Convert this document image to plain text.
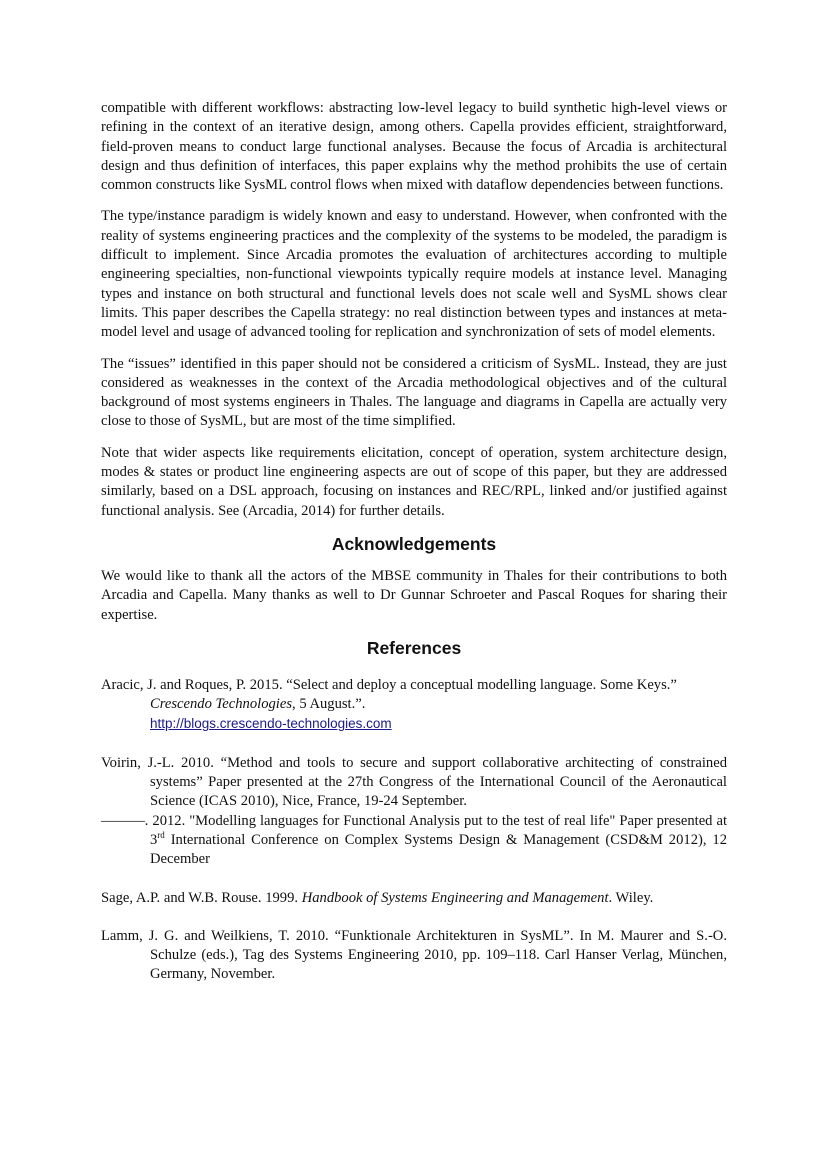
compatible with different workflows: abstracting low-level legacy to build synthetic high-level views or refining in the context of an iterative design, among others. Capella provides efficient, straightforward, field-proven means to conduct large functional analyses. Because the focus of Arcadia is architectural design and thus definition of interfaces, this paper explains why the method prohibits the use of certain common constructs like SysML control flows when mixed with dataflow dependencies between functions.

The type/instance paradigm is widely known and easy to understand. However, when confronted with the reality of systems engineering practices and the complexity of the systems to be modeled, the paradigm is difficult to implement. Since Arcadia promotes the evaluation of architectures according to multiple engineering specialties, non-functional viewpoints typically require models at instance level. Managing types and instance on both structural and functional levels does not scale well and SysML shows clear limits. This paper describes the Capella strategy: no real distinction between types and instances at meta-model level and usage of advanced tooling for replication and synchronization of sets of model elements.

The “issues” identified in this paper should not be considered a criticism of SysML. Instead, they are just considered as weaknesses in the context of the Arcadia methodological objectives and of the cultural background of most systems engineers in Thales. The language and diagrams in Capella are actually very close to those of SysML, but are most of the time simplified.

Note that wider aspects like requirements elicitation, concept of operation, system architecture design, modes & states or product line engineering aspects are out of scope of this paper, but they are addressed similarly, based on a DSL approach, focusing on instances and REC/RPL, linked and/or justified against functional analysis. See (Arcadia, 2014) for further details.

Acknowledgements

We would like to thank all the actors of the MBSE community in Thales for their contributions to both Arcadia and Capella. Many thanks as well to Dr Gunnar Schroeter and Pascal Roques for sharing their expertise.

References
Aracic, J. and Roques, P. 2015. “Select and deploy a conceptual modelling language. Some Keys.” Crescendo Technologies, 5 August.”.
http://blogs.crescendo-technologies.com
Voirin, J.-L. 2010. “Method and tools to secure and support collaborative architecting of constrained systems” Paper presented at the 27th Congress of the International Council of the Aeronautical Science (ICAS 2010), Nice, France, 19-24 September.
———. 2012. "Modelling languages for Functional Analysis put to the test of real life" Paper presented at 3rd International Conference on Complex Systems Design & Management (CSD&M 2012), 12 December
Sage, A.P. and W.B. Rouse. 1999. Handbook of Systems Engineering and Management. Wiley.
Lamm, J. G. and Weilkiens, T. 2010. “Funktionale Architekturen in SysML”. In M. Maurer and S.-O. Schulze (eds.), Tag des Systems Engineering 2010, pp. 109–118. Carl Hanser Verlag, München, Germany, November.
